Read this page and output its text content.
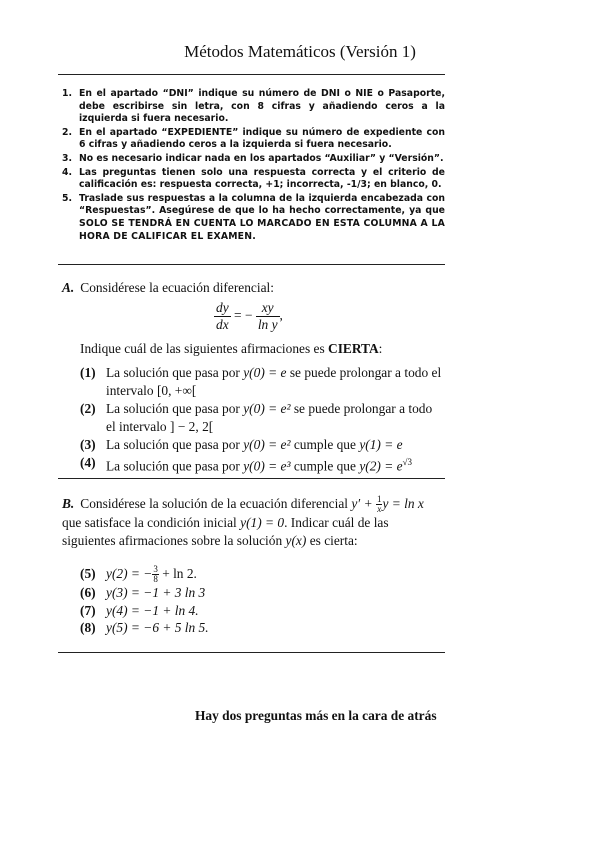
Métodos Matemáticos (Versión 1)
1. En el apartado “DNI” indique su número de DNI o NIE o Pasaporte, debe escribirse sin letra, con 8 cifras y añadiendo ceros a la izquierda si fuera necesario.
2. En el apartado “EXPEDIENTE” indique su número de expediente con 6 cifras y añadiendo ceros a la izquierda si fuera necesario.
3. No es necesario indicar nada en los apartados “Auxiliar” y “Versión”.
4. Las preguntas tienen solo una respuesta correcta y el criterio de calificación es: respuesta correcta, +1; incorrecta, -1/3; en blanco, 0.
5. Traslade sus respuestas a la columna de la izquierda encabezada con “Respuestas”. Asegúrese de que lo ha hecho correctamente, ya que SOLO SE TENDRÁ EN CUENTA LO MARCADO EN ESTA COLUMNA A LA HORA DE CALIFICAR EL EXAMEN.
A. Considérese la ecuación diferencial:
$\frac{dy}{dx}$ = − $\frac{xy}{\text{ln y}}$ ,
Indique cuál de las siguientes afirmaciones es CIERTA:
(1) La solución que pasa por y(0) = e se puede prolongar a todo el intervalo [0, +∞[
(2) La solución que pasa por y(0) = e² se puede prolongar a todo el intervalo ] − 2, 2[
(3) La solución que pasa por y(0) = e² cumple que y(1) = e
(4) La solución que pasa por y(0) = e³ cumple que $y(2) = e^{√3}$
B. Considérese la solución de la ecuación diferencial $y' + \frac{1}{x}$ y = ln x que satisface la condición inicial y(1) = 0. Indicar cuál de las siguientes afirmaciones sobre la solución y(x) es cierta:
(5) y(2) = − $\frac{3}{8} + \ln 2$.
(6) y(3) = −1 + 3 ln 3
(7) y(4) = −1 + ln 4.
(8) y(5) = −6 + 5 ln 5.
Hay dos preguntas más en la cara de atrás
